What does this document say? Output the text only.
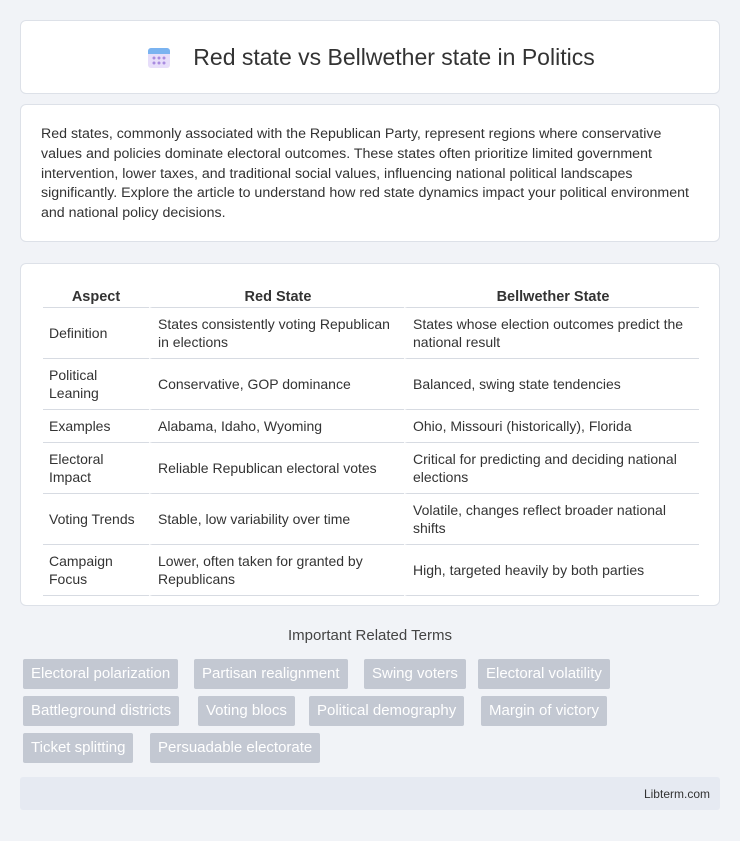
Red state vs Bellwether state in Politics

Red states, commonly associated with the Republican Party, represent regions where conservative values and policies dominate electoral outcomes. These states often prioritize limited government intervention, lower taxes, and traditional social values, influencing national political landscapes significantly. Explore the article to understand how red state dynamics impact your political environment and national policy decisions.

Aspect	Red State	Bellwether State
Definition	States consistently voting Republican in elections	States whose election outcomes predict the national result
Political Leaning	Conservative, GOP dominance	Balanced, swing state tendencies
Examples	Alabama, Idaho, Wyoming	Ohio, Missouri (historically), Florida
Electoral Impact	Reliable Republican electoral votes	Critical for predicting and deciding national elections
Voting Trends	Stable, low variability over time	Volatile, changes reflect broader national shifts
Campaign Focus	Lower, often taken for granted by Republicans	High, targeted heavily by both parties
Important Related Terms
Electoral polarization	Partisan realignment	Swing voters	Electoral volatility
Battleground districts	Voting blocs	Political demography	Margin of victory
Ticket splitting	Persuadable electorate
Libterm.com
